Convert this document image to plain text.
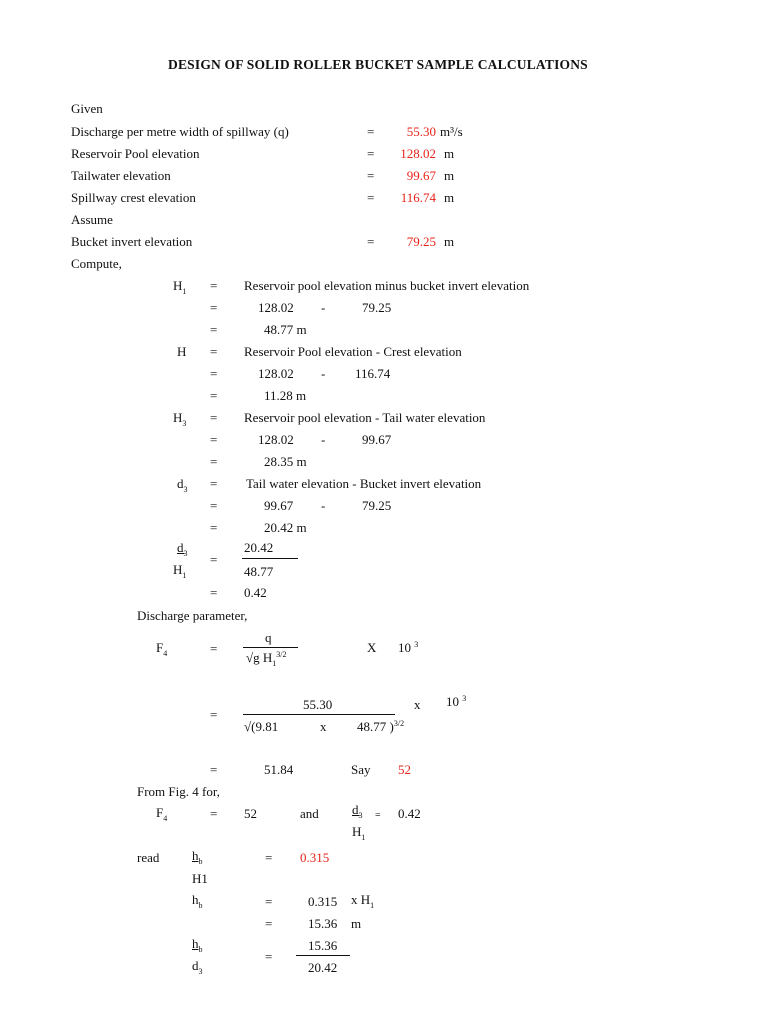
DESIGN OF SOLID ROLLER BUCKET SAMPLE CALCULATIONS
Given
Discharge per metre width of spillway (q)	=	55.30 m³/s
Reservoir Pool elevation	=	128.02 m
Tailwater elevation	=	99.67 m
Spillway crest elevation	=	116.74 m
Assume
Bucket invert elevation	=	79.25 m
Compute,
$H_1$ = Reservoir pool elevation minus bucket invert elevation
=	128.02 -	79.25
=	48.77 m
H = Reservoir Pool elevation - Crest elevation
=	128.02 - 116.74
=	11.28 m
$H_3$ = Reservoir pool elevation - Tail water elevation
=	128.02 -	99.67
=	28.35 m
$d_3$ = Tail water elevation - Bucket invert elevation
=	99.67 -	79.25
=	20.42 m
$d_3$
$H_1$
=
20.42
48.77
= 0.42
Discharge parameter,
$F_4$	=
q
√g $H_1^{3/2}$	X 10 $^3$
55.30
=
√(9.81	x 48.77 )$^{3/2}$
x 10 $^3$
=	51.84	Say 52
From Fig. 4 for,
$F_4$	= 52	and	$d_3$ =
$H_1$
0.42
read	$h_b$	= 0.315
H1
$h_b$	=	0.315 x $H_1$
=	15.36 m
$h_b$
$d_3$
=
15.36
20.42
